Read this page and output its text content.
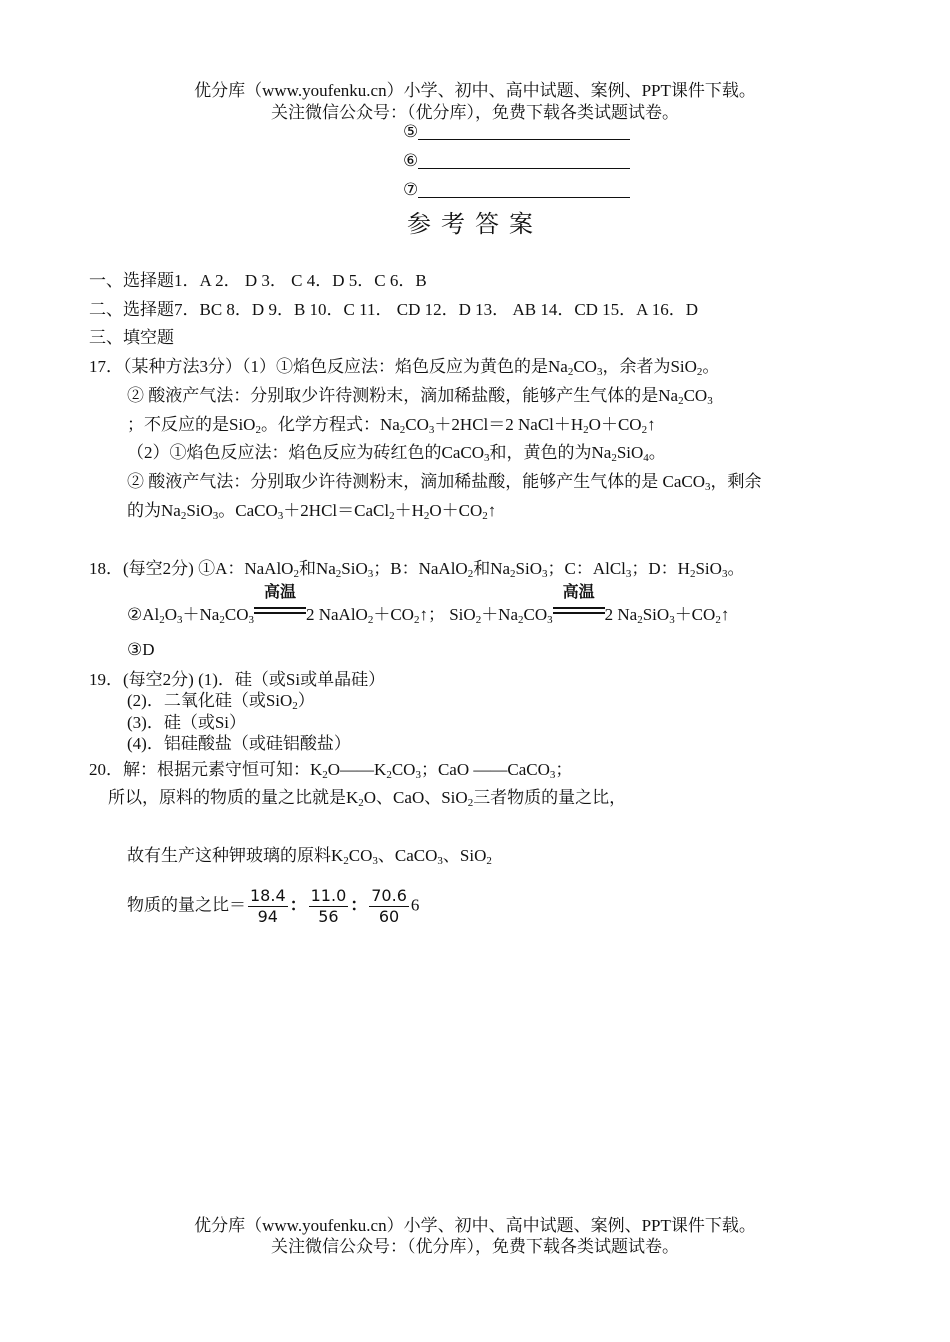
优分库（www.youfenku.cn）小学、初中、高中试题、案例、PPT课件下载。
关注微信公众号：（优分库），免费下载各类试题试卷。
⑤
⑥
⑦
参考答案
一、选择题1．A 2． D 3． C 4．D 5．C 6．B
二、选择题7．BC 8．D 9．B 10．C 11． CD 12．D 13． AB 14．CD 15．A 16．D
三、填空题
17．（某种方法3分）（1）①焰色反应法：焰色反应为黄色的是$Na_2CO_3$，余者为SiO$_2$。
② 酸液产气法：分别取少许待测粉末，滴加稀盐酸，能够产生气体的是$Na_2CO_3$
；不反应的是SiO$_2$。化学方程式：$Na_2CO_3+2HCl=2$ $NaCl+H_2O+CO_2↑$
（2）①焰色反应法：焰色反应为砖红色的CaCO$_3$和，黄色的为$Na_2SiO_4$。
② 酸液产气法：分别取少许待测粉末，滴加稀盐酸，能够产生气体的是 CaCO$_3$，剩余
的为$Na_2SiO_3$。$CaCO_3+2HCl=CaCl_2+H_2O+CO_2↑$
18．(每空2分) ①A：NaAlO$_2$和$Na_2SiO_3$；B：NaAlO$_2$和$Na_2SiO_3$；C：AlCl$_3$；D：$H_2SiO_3$。
$②Al_2O_3+Na_2CO_3$
高温
2 $NaAlO_2+CO_2↑$； $SiO_2+Na_2CO_3$
高温
2 $Na_2SiO_3+CO_2↑$
③D
19．(每空2分) (1)．硅（或Si或单晶硅）
(2)．二氧化硅（或SiO$_2$）
(3)．硅（或Si）
(4)．铝硅酸盐（或硅铝酸盐）
20．解：根据元素守恒可知：$K_2O——K_2CO_3$；CaO ——CaCO$_3$；
所以，原料的物质的量之比就是$K_2O$、CaO、SiO$_2$三者物质的量之比，
故有生产这种钾玻璃的原料$K_2CO_3$、CaCO$_3$、SiO$_2$
物质的量之比＝ $\frac{18.4}{94}$ ： $\frac{11.0}{56}$ ： $\frac{70.6}{60} 6$
优分库（www.youfenku.cn）小学、初中、高中试题、案例、PPT课件下载。
关注微信公众号：（优分库），免费下载各类试题试卷。
